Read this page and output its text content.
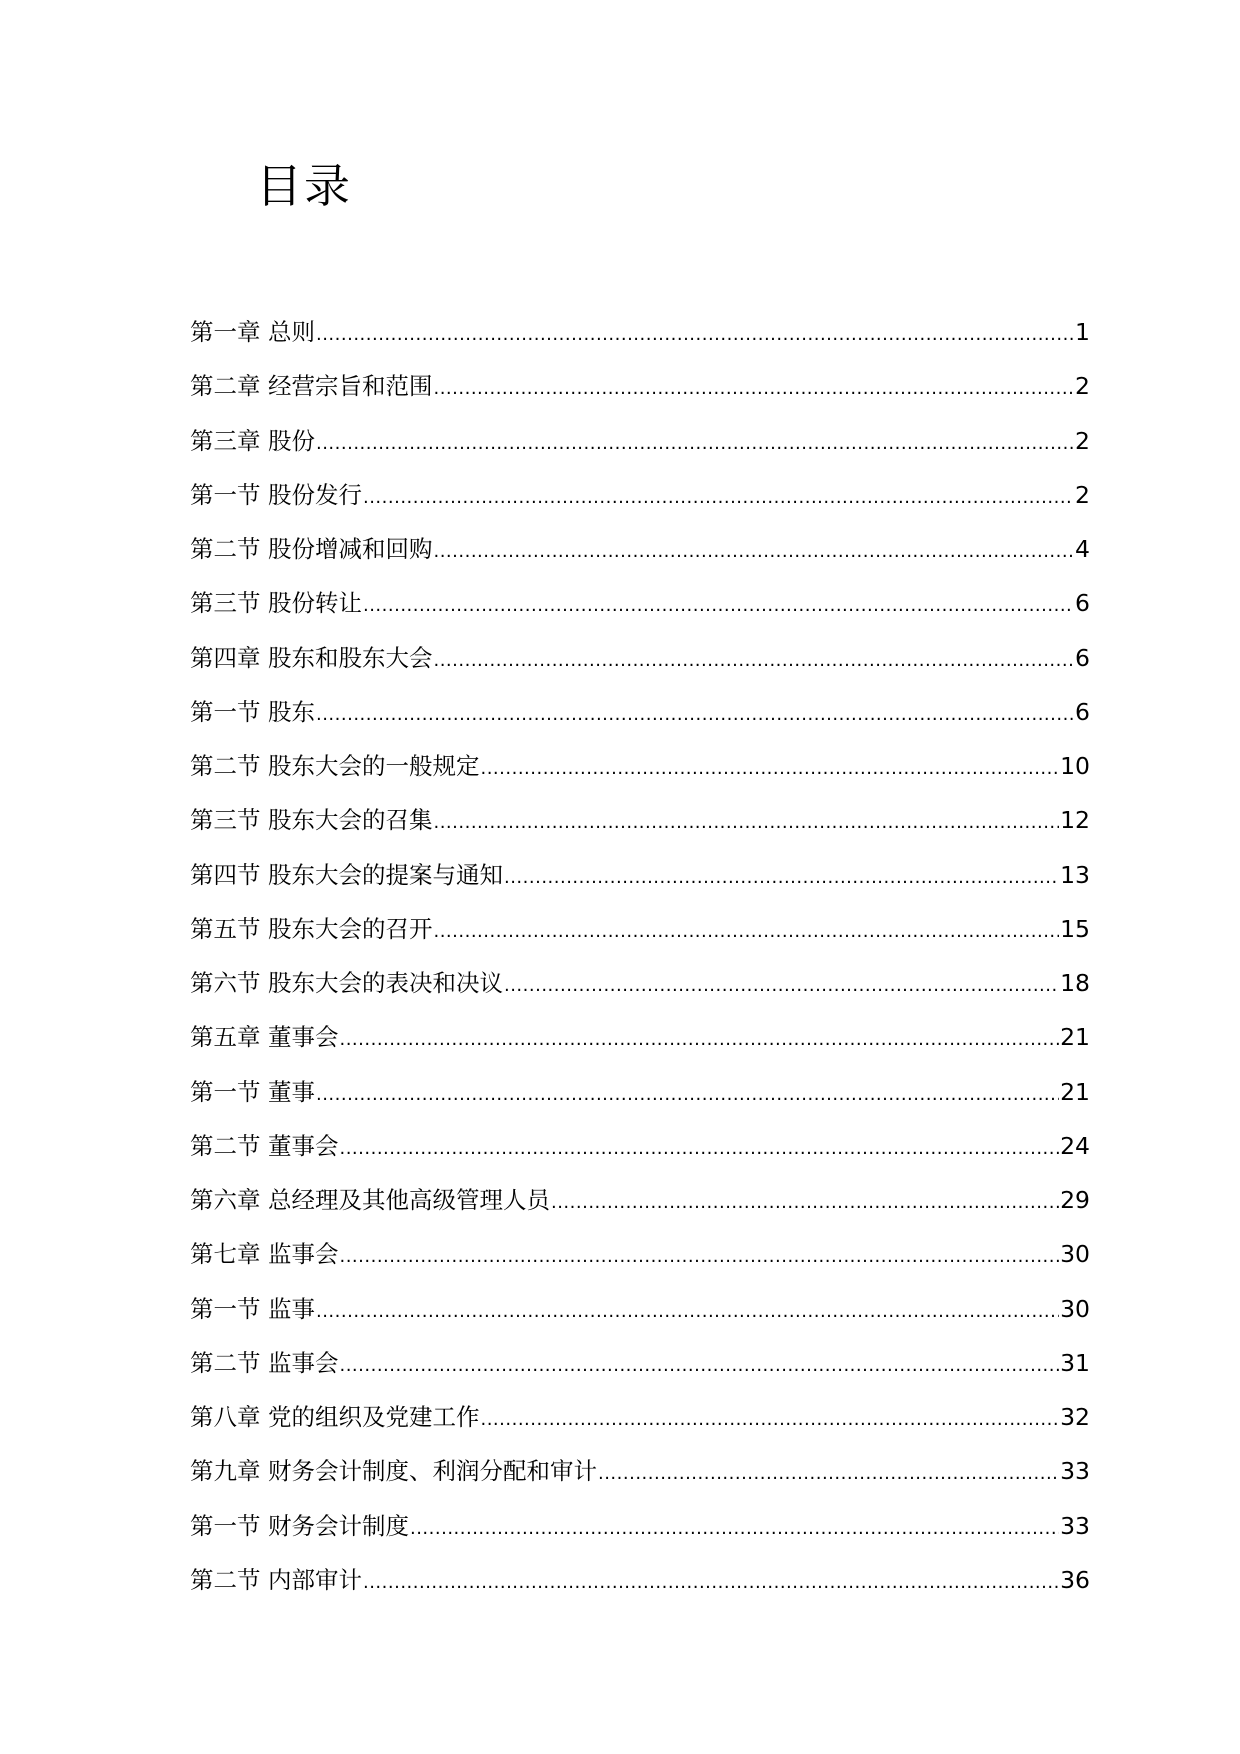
目录
第一章 总则 .....	1
第二章 经营宗旨和范围 .....	2
第三章 股份 .....	2
第一节 股份发行 .....	2
第二节 股份增减和回购 .....	4
第三节 股份转让 .....	6
第四章 股东和股东大会 .....	6
第一节 股东 .....	6
第二节 股东大会的一般规定 .....	10
第三节 股东大会的召集 .....	12
第四节 股东大会的提案与通知 .....	13
第五节 股东大会的召开 .....	15
第六节 股东大会的表决和决议 .....	18
第五章 董事会 .....	21
第一节 董事 .....	21
第二节 董事会 .....	24
第六章 总经理及其他高级管理人员 .....	29
第七章 监事会 .....	30
第一节 监事 .....	30
第二节 监事会 .....	31
第八章 党的组织及党建工作 .....	32
第九章 财务会计制度、利润分配和审计 .....	33
第一节 财务会计制度 .....	33
第二节 内部审计 .....	36
